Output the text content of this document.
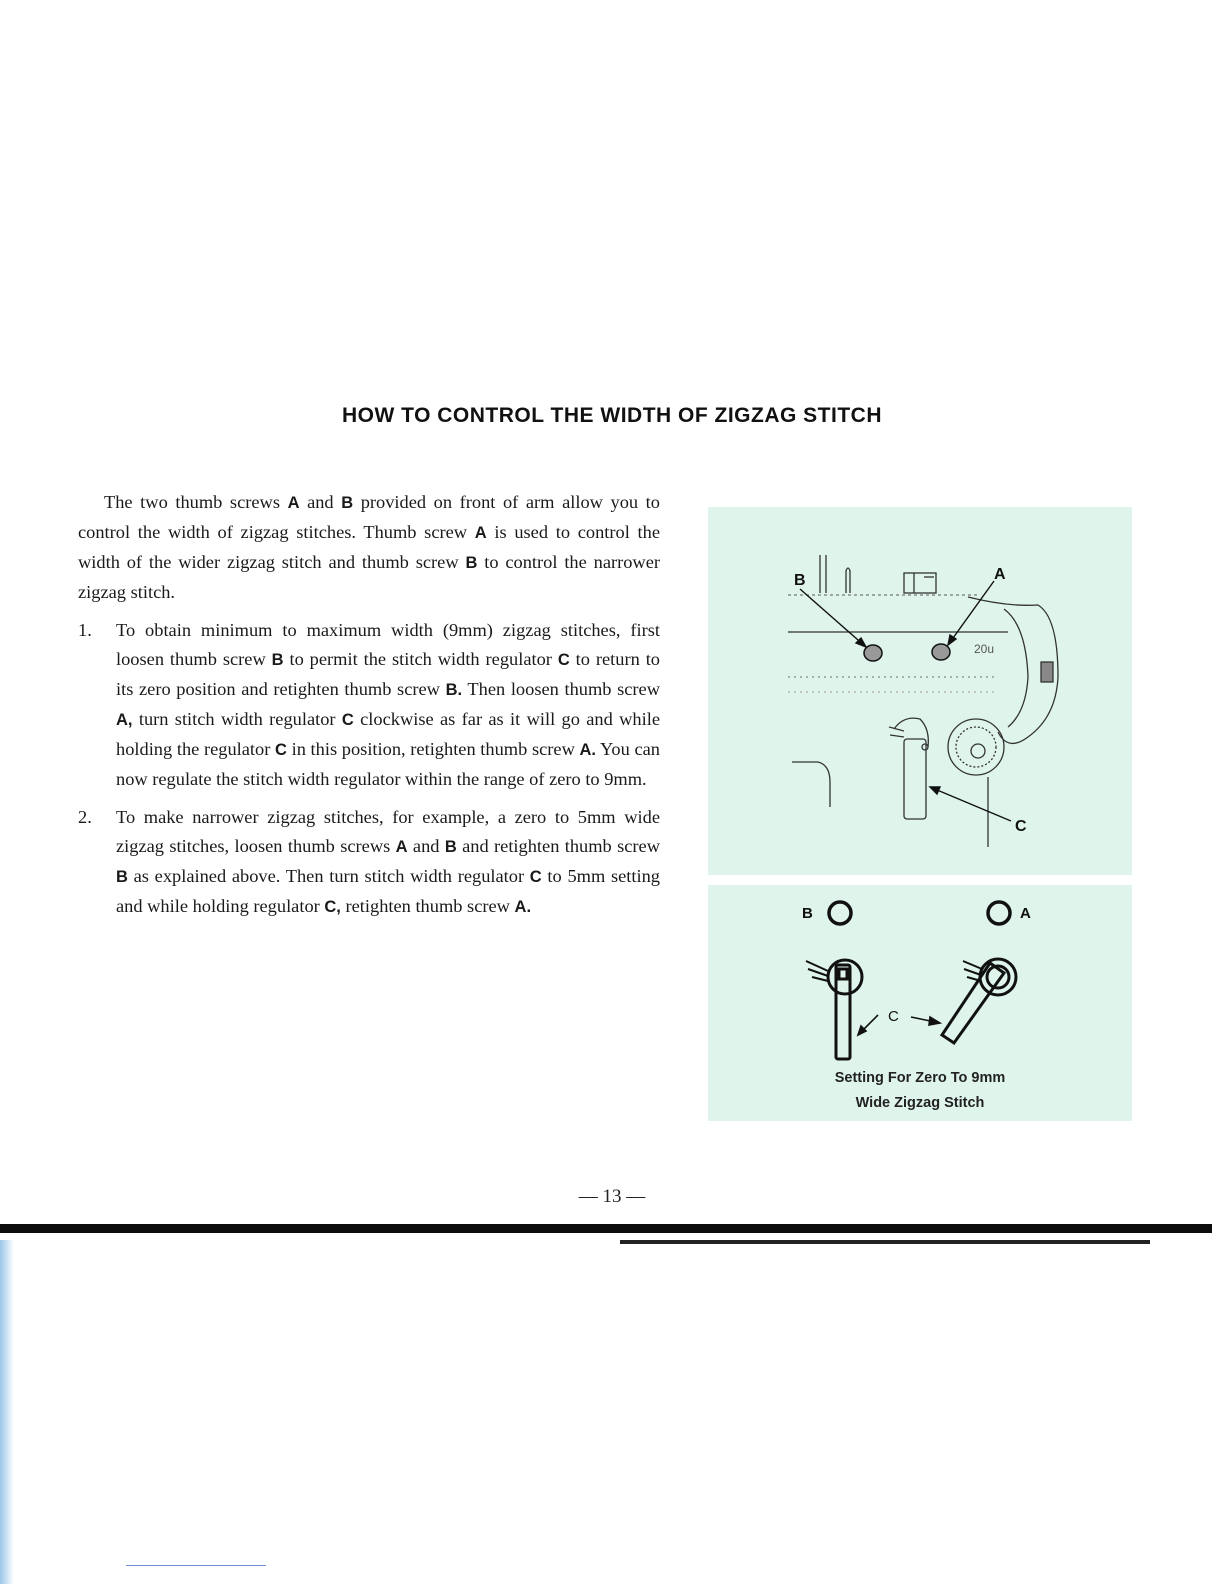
HOW TO CONTROL THE WIDTH OF ZIGZAG STITCH

The two thumb screws A and B provided on front of arm allow you to control the width of zigzag stitches. Thumb screw A is used to control the width of the wider zigzag stitch and thumb screw B to control the narrower zigzag stitch.

1. To obtain minimum to maximum width (9mm) zigzag stitches, first loosen thumb screw B to permit the stitch width regulator C to return to its zero position and retighten thumb screw B. Then loosen thumb screw A, turn stitch width regulator C clockwise as far as it will go and while holding the regulator C in this position, retighten thumb screw A. You can now regulate the stitch width regulator within the range of zero to 9mm.

2. To make narrower zigzag stitches, for example, a zero to 5mm wide zigzag stitches, loosen thumb screws A and B and retighten thumb screw B as explained above. Then turn stitch width regulator C to 5mm setting and while holding regulator C, retighten thumb screw A.

B	A
C
20u
B	A
C
Setting For Zero To 9mm
Wide Zigzag Stitch
— 13 —
